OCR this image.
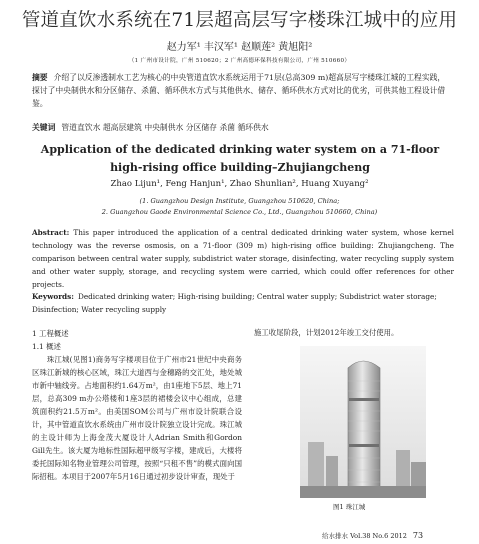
管道直饮水系统在71层超高层写字楼珠江城中的应用
赵力军¹ 丰汉军¹ 赵顺莲² 黄旭阳²
（1 广州市设计院，广州 510620；2 广州高德环保科技有限公司，广州 510660）
摘要 介绍了以反渗透制水工艺为核心的中央管道直饮水系统运用于71层(总高309 m)超高层写字楼珠江城的工程实践，探讨了中央制供水和分区储存、杀菌、循环供水方式与其他供水、储存、循环供水方式对比的优劣，可供其他工程设计借鉴。
关键词 管道直饮水 超高层建筑 中央制供水 分区储存 杀菌 循环供水
Application of the dedicated drinking water system on a 71-floor high-rising office building–Zhujiangcheng
Zhao Lijun¹, Feng Hanjun¹, Zhao Shunlian², Huang Xuyang²
(1. Guangzhou Design Institute, Guangzhou 510620, China;
2. Guangzhou Gaode Environmental Science Co., Ltd., Guangzhou 510660, China)
Abstract: This paper introduced the application of a central dedicated drinking water system, whose kernel technology was the reverse osmosis, on a 71-floor (309 m) high-rising office building: Zhujiangcheng. The comparison between central water supply, subdistrict water storage, disinfecting, water recycling supply system and other water supply, storage, and recycling system were carried, which could offer references for other projects.
Keywords: Dedicated drinking water; High-rising building; Central water supply; Subdistrict water storage; Disinfection; Water recycling supply

1 工程概述

1.1 概述

珠江城(见图1)商务写字楼项目位于广州市21世纪中央商务区珠江新城的核心区域，珠江大道西与金穗路的交汇处，地处城市新中轴线旁。占地面积约1.64万m²，由1座地下5层、地上71层，总高309 m办公塔楼和1座3层的裙楼会议中心组成，总建筑面积约21.5万m²。由美国SOM公司与广州市设计院联合设计，其中管道直饮水系统由广州市设计院独立设计完成。珠江城的主设计师为上海金茂大厦设计人Adrian Smith和Gordon Gill先生。该大厦为地标性国际超甲级写字楼，建成后，大楼将委托国际知名物业管理公司管理，按照“只租不售”的模式面向国际招租。本项目于2007年5月16日通过初步设计审查，现处于

施工收尾阶段，计划2012年竣工交付使用。
图1 珠江城
给水排水 Vol.38 No.6 2012 73
